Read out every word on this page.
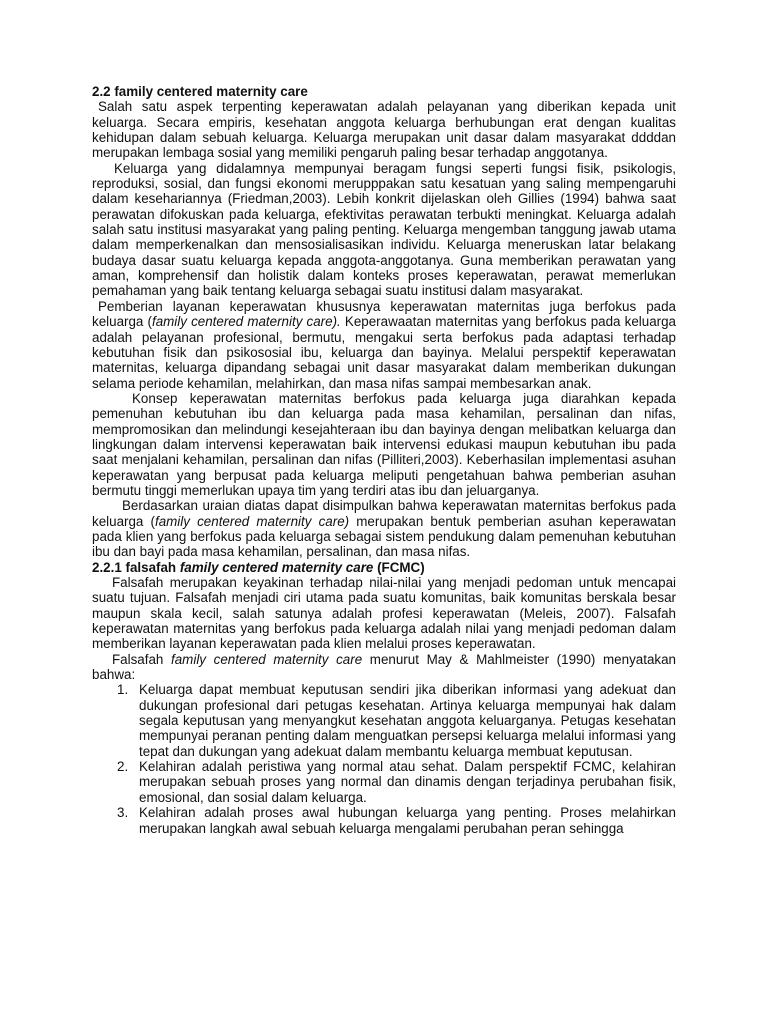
2.2 family centered maternity care

Salah satu aspek terpenting keperawatan adalah pelayanan yang diberikan kepada unit keluarga. Secara empiris, kesehatan anggota keluarga berhubungan erat dengan kualitas kehidupan dalam sebuah keluarga. Keluarga merupakan unit dasar dalam masyarakat ddddan merupakan lembaga sosial yang memiliki pengaruh paling besar terhadap anggotanya.

Keluarga yang didalamnya mempunyai beragam fungsi seperti fungsi fisik, psikologis, reproduksi, sosial, dan fungsi ekonomi merupppakan satu kesatuan yang saling mempengaruhi dalam kesehariannya (Friedman,2003). Lebih konkrit dijelaskan oleh Gillies (1994) bahwa saat perawatan difokuskan pada keluarga, efektivitas perawatan terbukti meningkat. Keluarga adalah salah satu institusi masyarakat yang paling penting. Keluarga mengemban tanggung jawab utama dalam memperkenalkan dan mensosialisasikan individu. Keluarga meneruskan latar belakang budaya dasar suatu keluarga kepada anggota-anggotanya. Guna memberikan perawatan yang aman, komprehensif dan holistik dalam konteks proses keperawatan, perawat memerlukan pemahaman yang baik tentang keluarga sebagai suatu institusi dalam masyarakat.

Pemberian layanan keperawatan khususnya keperawatan maternitas juga berfokus pada keluarga (family centered maternity care). Keperawaatan maternitas yang berfokus pada keluarga adalah pelayanan profesional, bermutu, mengakui serta berfokus pada adaptasi terhadap kebutuhan fisik dan psikososial ibu, keluarga dan bayinya. Melalui perspektif keperawatan maternitas, keluarga dipandang sebagai unit dasar masyarakat dalam memberikan dukungan selama periode kehamilan, melahirkan, dan masa nifas sampai membesarkan anak.

Konsep keperawatan maternitas berfokus pada keluarga juga diarahkan kepada pemenuhan kebutuhan ibu dan keluarga pada masa kehamilan, persalinan dan nifas, mempromosikan dan melindungi kesejahteraan ibu dan bayinya dengan melibatkan keluarga dan lingkungan dalam intervensi keperawatan baik intervensi edukasi maupun kebutuhan ibu pada saat menjalani kehamilan, persalinan dan nifas (Pilliteri,2003). Keberhasilan implementasi asuhan keperawatan yang berpusat pada keluarga meliputi pengetahuan bahwa pemberian asuhan bermutu tinggi memerlukan upaya tim yang terdiri atas ibu dan jeluarganya.

Berdasarkan uraian diatas dapat disimpulkan bahwa keperawatan maternitas berfokus pada keluarga (family centered maternity care) merupakan bentuk pemberian asuhan keperawatan pada klien yang berfokus pada keluarga sebagai sistem pendukung dalam pemenuhan kebutuhan ibu dan bayi pada masa kehamilan, persalinan, dan masa nifas.

2.2.1 falsafah family centered maternity care (FCMC)

Falsafah merupakan keyakinan terhadap nilai-nilai yang menjadi pedoman untuk mencapai suatu tujuan. Falsafah menjadi ciri utama pada suatu komunitas, baik komunitas berskala besar maupun skala kecil, salah satunya adalah profesi keperawatan (Meleis, 2007). Falsafah keperawatan maternitas yang berfokus pada keluarga adalah nilai yang menjadi pedoman dalam memberikan layanan keperawatan pada klien melalui proses keperawatan.

Falsafah family centered maternity care menurut May & Mahlmeister (1990) menyatakan bahwa:

1. Keluarga dapat membuat keputusan sendiri jika diberikan informasi yang adekuat dan dukungan profesional dari petugas kesehatan. Artinya keluarga mempunyai hak dalam segala keputusan yang menyangkut kesehatan anggota keluarganya. Petugas kesehatan mempunyai peranan penting dalam menguatkan persepsi keluarga melalui informasi yang tepat dan dukungan yang adekuat dalam membantu keluarga membuat keputusan.
2. Kelahiran adalah peristiwa yang normal atau sehat. Dalam perspektif FCMC, kelahiran merupakan sebuah proses yang normal dan dinamis dengan terjadinya perubahan fisik, emosional, dan sosial dalam keluarga.
3. Kelahiran adalah proses awal hubungan keluarga yang penting. Proses melahirkan merupakan langkah awal sebuah keluarga mengalami perubahan peran sehingga
